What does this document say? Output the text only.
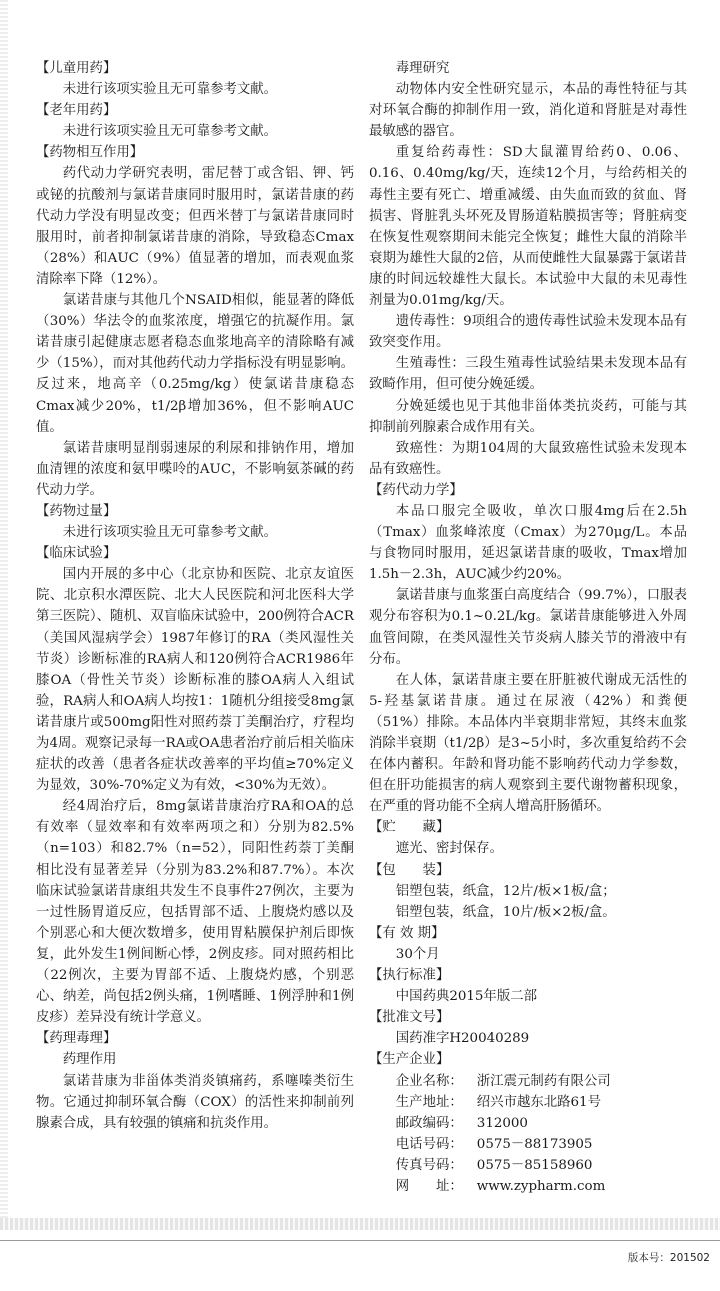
【儿童用药】

未进行该项实验且无可靠参考文献。

【老年用药】

未进行该项实验且无可靠参考文献。

【药物相互作用】

药代动力学研究表明，雷尼替丁或含铝、钾、钙或铋的抗酸剂与氯诺昔康同时服用时，氯诺昔康的药代动力学没有明显改变；但西米替丁与氯诺昔康同时服用时，前者抑制氯诺昔康的消除，导致稳态Cmax（28%）和AUC（9%）值显著的增加，而表观血浆清除率下降（12%）。

氯诺昔康与其他几个NSAID相似，能显著的降低（30%）华法令的血浆浓度，增强它的抗凝作用。氯诺昔康引起健康志愿者稳态血浆地高辛的清除略有减少（15%），而对其他药代动力学指标没有明显影响。反过来，地高辛（0.25mg/kg）使氯诺昔康稳态Cmax减少20%，t1/2β增加36%，但不影响AUC值。

氯诺昔康明显削弱速尿的利尿和排钠作用，增加血清锂的浓度和氨甲喋呤的AUC，不影响氨茶碱的药代动力学。

【药物过量】

未进行该项实验且无可靠参考文献。

【临床试验】

国内开展的多中心（北京协和医院、北京友谊医院、北京积水潭医院、北大人民医院和河北医科大学第三医院）、随机、双盲临床试验中，200例符合ACR（美国风湿病学会）1987年修订的RA（类风湿性关节炎）诊断标准的RA病人和120例符合ACR1986年膝OA（骨性关节炎）诊断标准的膝OA病人入组试验，RA病人和OA病人均按1：1随机分组接受8mg氯诺昔康片或500mg阳性对照药萘丁美酮治疗，疗程均为4周。观察记录每一RA或OA患者治疗前后相关临床症状的改善（患者各症状改善率的平均值≥70%定义为显效，30%-70%定义为有效，<30%为无效）。

经4周治疗后，8mg氯诺昔康治疗RA和OA的总有效率（显效率和有效率两项之和）分别为82.5%（n=103）和82.7%（n=52），同阳性药萘丁美酮相比没有显著差异（分别为83.2%和87.7%）。本次临床试验氯诺昔康组共发生不良事件27例次，主要为一过性肠胃道反应，包括胃部不适、上腹烧灼感以及个别恶心和大便次数增多，使用胃粘膜保护剂后即恢复，此外发生1例间断心悸，2例皮疹。同对照药相比（22例次，主要为胃部不适、上腹烧灼感，个别恶心、纳差，尚包括2例头痛，1例嗜睡、1例浮肿和1例皮疹）差异没有统计学意义。

【药理毒理】

药理作用

氯诺昔康为非甾体类消炎镇痛药，系噻嗪类衍生物。它通过抑制环氧合酶（COX）的活性来抑制前列腺素合成，具有较强的镇痛和抗炎作用。

毒理研究

动物体内安全性研究显示，本品的毒性特征与其对环氧合酶的抑制作用一致，消化道和肾脏是对毒性最敏感的器官。

重复给药毒性：SD大鼠灌胃给药0、0.06、0.16、0.40mg/kg/天，连续12个月，与给药相关的毒性主要有死亡、增重减缓、由失血而致的贫血、肾损害、肾脏乳头坏死及胃肠道粘膜损害等；肾脏病变在恢复性观察期间未能完全恢复；雌性大鼠的消除半衰期为雄性大鼠的2倍，从而使雌性大鼠暴露于氯诺昔康的时间远较雄性大鼠长。本试验中大鼠的未见毒性剂量为0.01mg/kg/天。

遗传毒性：9项组合的遗传毒性试验未发现本品有致突变作用。

生殖毒性：三段生殖毒性试验结果未发现本品有致畸作用，但可使分娩延缓。

分娩延缓也见于其他非甾体类抗炎药，可能与其抑制前列腺素合成作用有关。

致癌性：为期104周的大鼠致癌性试验未发现本品有致癌性。

【药代动力学】

本品口服完全吸收，单次口服4mg后在2.5h（Tmax）血浆峰浓度（Cmax）为270μg/L。本品与食物同时服用，延迟氯诺昔康的吸收，Tmax增加1.5h－2.3h，AUC减少约20%。

氯诺昔康与血浆蛋白高度结合（99.7%），口服表观分布容积为0.1~0.2L/kg。氯诺昔康能够进入外周血管间隙，在类风湿性关节炎病人膝关节的滑液中有分布。

在人体，氯诺昔康主要在肝脏被代谢成无活性的5-羟基氯诺昔康。通过在尿液（42%）和粪便（51%）排除。本品体内半衰期非常短，其终末血浆消除半衰期（t1/2β）是3~5小时，多次重复给药不会在体内蓄积。年龄和肾功能不影响药代动力学参数，但在肝功能损害的病人观察到主要代谢物蓄积现象，在严重的肾功能不全病人增高肝肠循环。

【贮　　藏】

遮光、密封保存。

【包　　装】

铝塑包装，纸盒，12片/板×1板/盒；

铝塑包装，纸盒，10片/板×2板/盒。

【有 效 期】

30个月

【执行标准】

中国药典2015年版二部

【批准文号】

国药准字H20040289

【生产企业】

企业名称： 浙江震元制药有限公司

生产地址： 绍兴市越东北路61号

邮政编码： 312000

电话号码： 0575－88173905

传真号码： 0575－85158960

网　　址： www.zypharm.com

版本号：201502
